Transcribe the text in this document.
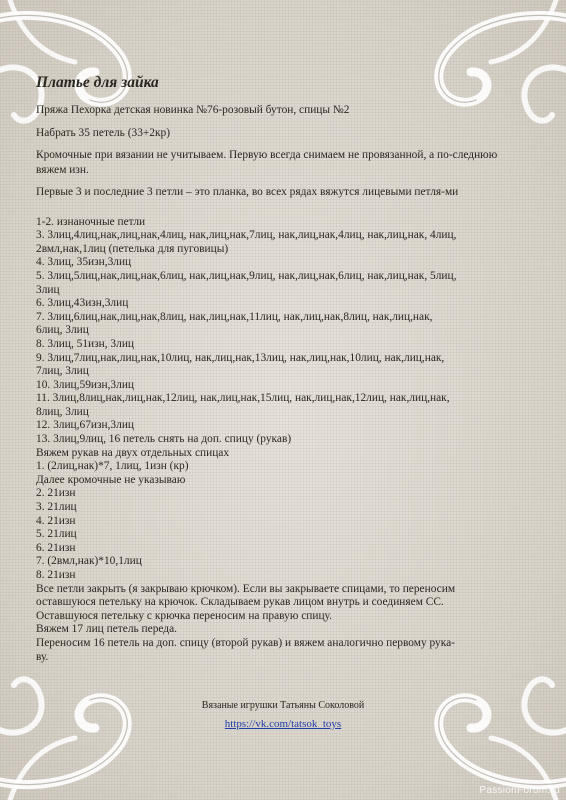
Платье для зайка

Пряжа Пехорка детская новинка №76-розовый бутон, спицы №2

Набрать 35 петель (33+2кр)

Кромочные при вязании не учитываем. Первую всегда снимаем не провязанной, а по-следнюю вяжем изн.

Первые 3 и последние 3 петли – это планка, во всех рядах вяжутся лицевыми петля-ми

1-2. изнаночные петли
3. 3лиц,4лиц,нак,лиц,нак,4лиц, нак,лиц,нак,7лиц, нак,лиц,нак,4лиц, нак,лиц,нак, 4лиц,
2вмл,нак,1лиц (петелька для пуговицы)
4. 3лиц, 35изн,3лиц
5. 3лиц,5лиц,нак,лиц,нак,6лиц, нак,лиц,нак,9лиц, нак,лиц,нак,6лиц, нак,лиц,нак, 5лиц,
3лиц
6. 3лиц,43изн,3лиц
7. 3лиц,6лиц,нак,лиц,нак,8лиц, нак,лиц,нак,11лиц, нак,лиц,нак,8лиц, нак,лиц,нак,
6лиц, 3лиц
8. 3лиц, 51изн, 3лиц
9. 3лиц,7лиц,нак,лиц,нак,10лиц, нак,лиц,нак,13лиц, нак,лиц,нак,10лиц, нак,лиц,нак,
7лиц, 3лиц
10. 3лиц,59изн,3лиц
11. 3лиц,8лиц,нак,лиц,нак,12лиц, нак,лиц,нак,15лиц, нак,лиц,нак,12лиц, нак,лиц,нак,
8лиц, 3лиц
12. 3лиц,67изн,3лиц
13. 3лиц,9лиц, 16 петель снять на доп. спицу (рукав)
Вяжем рукав на двух отдельных спицах
1. (2лиц,нак)*7, 1лиц, 1изн (кр)
Далее кромочные не указываю
2. 21изн
3. 21лиц
4. 21изн
5. 21лиц
6. 21изн
7. (2вмл,нак)*10,1лиц
8. 21изн
Все петли закрыть (я закрываю крючком). Если вы закрываете спицами, то переносим
оставшуюся петельку на крючок. Складываем рукав лицом внутрь и соединяем СС.
Оставшуюся петельку с крючка переносим на правую спицу.
Вяжем 17 лиц петель переда.
Переносим 16 петель на доп. спицу (второй рукав) и вяжем аналогично первому рука-
ву.
Вязаные игрушки Татьяны Соколовой
https://vk.com/tatsok_toys
PassionForum.ru
